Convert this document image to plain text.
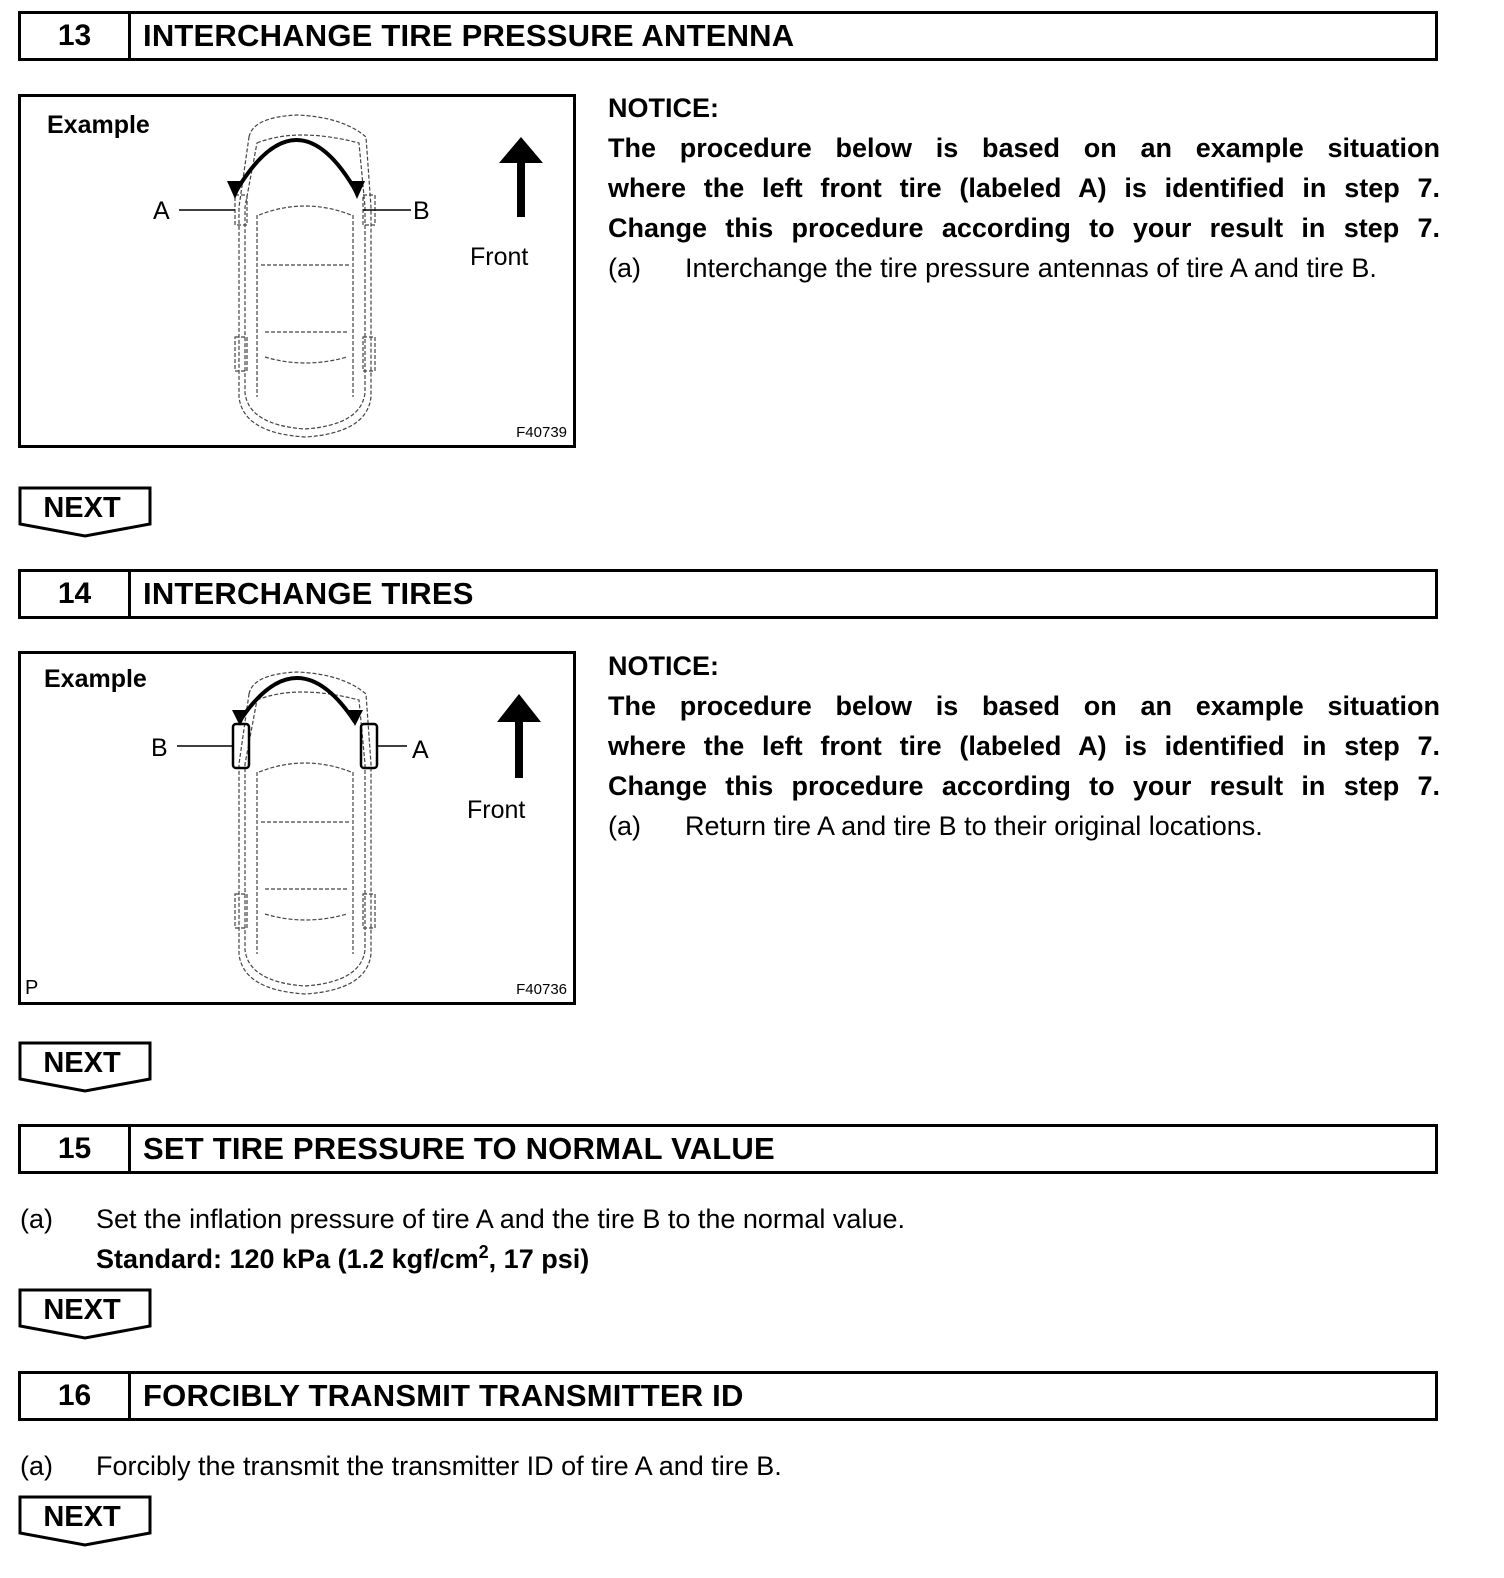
13	INTERCHANGE TIRE PRESSURE ANTENNA
Example
A	B
Front
F40739
NOTICE:
The procedure below is based on an example situation
where the left front tire (labeled A) is identified in step 7.
Change this procedure according to your result in step 7.
(a) Interchange the tire pressure antennas of tire A and tire B.
NEXT
14	INTERCHANGE TIRES
Example
B	A
Front
F40736
P
NOTICE:
The procedure below is based on an example situation
where the left front tire (labeled A) is identified in step 7.
Change this procedure according to your result in step 7.
(a) Return tire A and tire B to their original locations.
NEXT
15	SET TIRE PRESSURE TO NORMAL VALUE
(a)	Set the inflation pressure of tire A and the tire B to the normal value.
Standard: 120 kPa (1.2 kgf/$cm^2$, 17 psi)
NEXT
16	FORCIBLY TRANSMIT TRANSMITTER ID
(a)	Forcibly the transmit the transmitter ID of tire A and tire B.
NEXT
